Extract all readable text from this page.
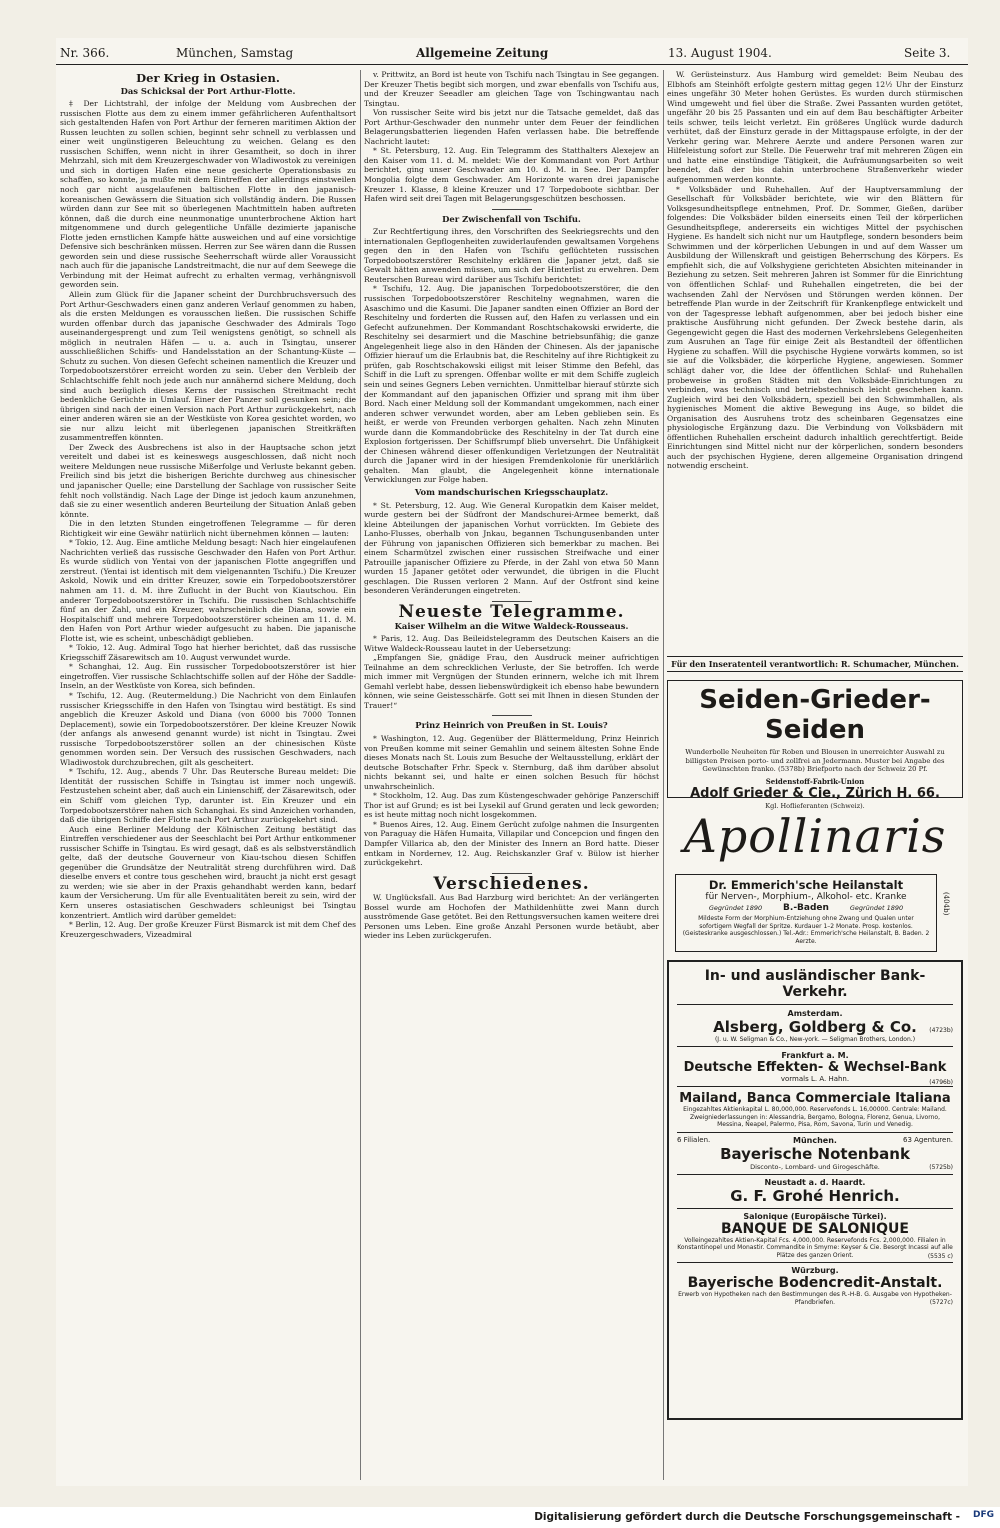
Nr. 366.	München, Samstag	Allgemeine Zeitung	13. August 1904.	Seite 3.
Der Krieg in Ostasien.
Das Schicksal der Port Arthur-Flotte.

‡ Der Lichtstrahl, der infolge der Meldung vom Ausbrechen der russischen Flotte aus dem zu einem immer gefährlicheren Aufenthaltsort sich gestaltenden Hafen von Port Arthur der ferneren maritimen Aktion der Russen leuchten zu sollen schien, beginnt sehr schnell zu verblassen und einer weit ungünstigeren Beleuchtung zu weichen. Gelang es den russischen Schiffen, wenn nicht in ihrer Gesamtheit, so doch in ihrer Mehrzahl, sich mit dem Kreuzergeschwader von Wladiwostok zu vereinigen und sich in dortigen Hafen eine neue gesicherte Operationsbasis zu schaffen, so konnte, ja mußte mit dem Eintreffen der allerdings einstweilen noch gar nicht ausgelaufenen baltischen Flotte in den japanisch-koreanischen Gewässern die Situation sich vollständig ändern. Die Russen würden dann zur See mit so überlegenen Machtmitteln haben auftreten können, daß die durch eine neunmonatige ununterbrochene Aktion hart mitgenommene und durch gelegentliche Unfälle dezimierte japanische Flotte jeden ernstlichen Kampfe hätte ausweichen und auf eine vorsichtige Defensive sich beschränken müssen. Herren zur See wären dann die Russen geworden sein und diese russische Seeherrschaft würde aller Voraussicht nach auch für die japanische Landstreitmacht, die nur auf dem Seewege die Verbindung mit der Heimat aufrecht zu erhalten vermag, verhängnisvoll geworden sein.

Allein zum Glück für die Japaner scheint der Durchbruchsversuch des Port Arthur-Geschwaders einen ganz anderen Verlauf genommen zu haben, als die ersten Meldungen es vorausschen ließen. Die russischen Schiffe wurden offenbar durch das japanische Geschwader des Admirals Togo auseinandergesprengt und zum Teil wenigstens genötigt, so schnell als möglich in neutralen Häfen — u. a. auch in Tsingtau, unserer ausschließlichen Schiffs- und Handelsstation an der Schantung-Küste — Schutz zu suchen. Von diesen Gefecht scheinen namentlich die Kreuzer und Torpedobootszerstörer erreicht worden zu sein. Ueber den Verbleib der Schlachtschiffe fehlt noch jede auch nur annähernd sichere Meldung, doch sind auch bezüglich dieses Kerns der russischen Streitmacht recht bedenkliche Gerüchte in Umlauf. Einer der Panzer soll gesunken sein; die übrigen sind nach der einen Version nach Port Arthur zurückgekehrt, nach einer anderen wären sie an der Westküste von Korea gesichtet worden, wo sie nur allzu leicht mit überlegenen japanischen Streitkräften zusammentreffen könnten.

Der Zweck des Ausbrechens ist also in der Hauptsache schon jetzt vereitelt und dabei ist es keineswegs ausgeschlossen, daß nicht noch weitere Meldungen neue russische Mißerfolge und Verluste bekannt geben. Freilich sind bis jetzt die bisherigen Berichte durchweg aus chinesischer und japanischer Quelle; eine Darstellung der Sachlage von russischer Seite fehlt noch vollständig. Nach Lage der Dinge ist jedoch kaum anzunehmen, daß sie zu einer wesentlich anderen Beurteilung der Situation Anlaß geben könnte.

Die in den letzten Stunden eingetroffenen Telegramme — für deren Richtigkeit wir eine Gewähr natürlich nicht übernehmen können — lauten:

* Tokio, 12. Aug. Eine amtliche Meldung besagt: Nach hier eingelaufenen Nachrichten verließ das russische Geschwader den Hafen von Port Arthur. Es wurde südlich von Yentai von der japanischen Flotte angegriffen und zerstreut. (Yentai ist identisch mit dem vielgenannten Tschifu.) Die Kreuzer Askold, Nowik und ein dritter Kreuzer, sowie ein Torpedobootszerstörer nahmen am 11. d. M. ihre Zuflucht in der Bucht von Kiautschou. Ein anderer Torpedobootszerstörer in Tschifu. Die russischen Schlachtschiffe fünf an der Zahl, und ein Kreuzer, wahrscheinlich die Diana, sowie ein Hospitalschiff und mehrere Torpedobootszerstörer scheinen am 11. d. M. den Hafen von Port Arthur wieder aufgesucht zu haben. Die japanische Flotte ist, wie es scheint, unbeschädigt geblieben.

* Tokio, 12. Aug. Admiral Togo hat hierher berichtet, daß das russische Kriegsschiff Zäsarewitsch am 10. August verwundet wurde.

* Schanghai, 12. Aug. Ein russischer Torpedobootszerstörer ist hier eingetroffen. Vier russische Schlachtschiffe sollen auf der Höhe der Saddle-Inseln, an der Westküste von Korea, sich befinden.

* Tschifu, 12. Aug. (Reutermeldung.) Die Nachricht von dem Einlaufen russischer Kriegsschiffe in den Hafen von Tsingtau wird bestätigt. Es sind angeblich die Kreuzer Askold und Diana (von 6000 bis 7000 Tonnen Deplacement), sowie ein Torpedobootszerstörer. Der kleine Kreuzer Nowik (der anfangs als anwesend genannt wurde) ist nicht in Tsingtau. Zwei russische Torpedobootszerstörer sollen an der chinesischen Küste genommen worden sein. Der Versuch des russischen Geschwaders, nach Wladiwostok durchzubrechen, gilt als gescheitert.

* Tschifu, 12. Aug., abends 7 Uhr. Das Reutersche Bureau meldet: Die Identität der russischen Schiffe in Tsingtau ist immer noch ungewiß. Festzustehen scheint aber, daß auch ein Linienschiff, der Zäsarewitsch, oder ein Schiff vom gleichen Typ, darunter ist. Ein Kreuzer und ein Torpedobootszerstörer nahen sich Schanghai. Es sind Anzeichen vorhanden, daß die übrigen Schiffe der Flotte nach Port Arthur zurückgekehrt sind.

Auch eine Berliner Meldung der Kölnischen Zeitung bestätigt das Eintreffen verschiedener aus der Seeschlacht bei Port Arthur entkommener russischer Schiffe in Tsingtau. Es wird gesagt, daß es als selbstverständlich gelte, daß der deutsche Gouverneur von Kiau-tschou diesen Schiffen gegenüber die Grundsätze der Neutralität streng durchführen wird. Daß dieselbe envers et contre tous geschehen wird, braucht ja nicht erst gesagt zu werden; wie sie aber in der Praxis gehandhabt werden kann, bedarf kaum der Versicherung. Um für alle Eventualitäten bereit zu sein, wird der Kern unseres ostasiatischen Geschwaders schleunigst bei Tsingtau konzentriert. Amtlich wird darüber gemeldet:

* Berlin, 12. Aug. Der große Kreuzer Fürst Bismarck ist mit dem Chef des Kreuzergeschwaders, Vizeadmiral

v. Prittwitz, an Bord ist heute von Tschifu nach Tsingtau in See gegangen. Der Kreuzer Thetis begibt sich morgen, und zwar ebenfalls von Tschifu aus, und der Kreuzer Seeadler am gleichen Tage von Tschingwantau nach Tsingtau.

Von russischer Seite wird bis jetzt nur die Tatsache gemeldet, daß das Port Arthur-Geschwader den nunmehr unter dem Feuer der feindlichen Belagerungsbatterien liegenden Hafen verlassen habe. Die betreffende Nachricht lautet:

* St. Petersburg, 12. Aug. Ein Telegramm des Statthalters Alexejew an den Kaiser vom 11. d. M. meldet: Wie der Kommandant von Port Arthur berichtet, ging unser Geschwader am 10. d. M. in See. Der Dampfer Mongolia folgte dem Geschwader. Am Horizonte waren drei japanische Kreuzer 1. Klasse, 8 kleine Kreuzer und 17 Torpedoboote sichtbar. Der Hafen wird seit drei Tagen mit Belagerungsgeschützen beschossen.

Der Zwischenfall von Tschifu.

Zur Rechtfertigung ihres, den Vorschriften des Seekriegsrechts und den internationalen Gepflogenheiten zuwiderlaufenden gewaltsamen Vorgehens gegen den in den Hafen von Tschifu geflüchteten russischen Torpedobootszerstörer Reschitelny erklären die Japaner jetzt, daß sie Gewalt hätten anwenden müssen, um sich der Hinterlist zu erwehren. Dem Reuterschen Bureau wird darüber aus Tschifu berichtet:

* Tschifu, 12. Aug. Die japanischen Torpedobootszerstörer, die den russischen Torpedobootszerstörer Reschitelny wegnahmen, waren die Asaschimo und die Kasumi. Die Japaner sandten einen Offizier an Bord der Reschitelny und forderten die Russen auf, den Hafen zu verlassen und ein Gefecht aufzunehmen. Der Kommandant Roschtschakowski erwiderte, die Reschitelny sei desarmiert und die Maschine betriebsunfähig; die ganze Angelegenheit liege also in den Händen der Chinesen. Als der japanische Offizier hierauf um die Erlaubnis bat, die Reschitelny auf ihre Richtigkeit zu prüfen, gab Roschtschakowski eiligst mit leiser Stimme den Befehl, das Schiff in die Luft zu sprengen. Offenbar wollte er mit dem Schiffe zugleich sein und seines Gegners Leben vernichten. Unmittelbar hierauf stürzte sich der Kommandant auf den japanischen Offizier und sprang mit ihm über Bord. Nach einer Meldung soll der Kommandant umgekommen, nach einer anderen schwer verwundet worden, aber am Leben geblieben sein. Es heißt, er werde von Freunden verborgen gehalten. Nach zehn Minuten wurde dann die Kommandobrücke des Reschitelny in der Tat durch eine Explosion fortgerissen. Der Schiffsrumpf blieb unversehrt. Die Unfähigkeit der Chinesen während dieser offenkundigen Verletzungen der Neutralität durch die Japaner wird in der hiesigen Fremdenkolonie für unerklärlich gehalten. Man glaubt, die Angelegenheit könne internationale Verwicklungen zur Folge haben.

Vom mandschurischen Kriegsschauplatz.

* St. Petersburg, 12. Aug. Wie General Kuropatkin dem Kaiser meldet, wurde gestern bei der Südfront der Mandschurei-Armee bemerkt, daß kleine Abteilungen der japanischen Vorhut vorrückten. Im Gebiete des Lanho-Flusses, oberhalb von Jnkau, begannen Tschungusenbanden unter der Führung von japanischen Offizieren sich bemerkbar zu machen. Bei einem Scharmützel zwischen einer russischen Streifwache und einer Patrouille japanischer Offiziere zu Pferde, in der Zahl von etwa 50 Mann wurden 15 Japaner getötet oder verwundet, die übrigen in die Flucht geschlagen. Die Russen verloren 2 Mann. Auf der Ostfront sind keine besonderen Veränderungen eingetreten.

Neueste Telegramme.
Kaiser Wilhelm an die Witwe Waldeck-Rousseaus.

* Paris, 12. Aug. Das Beileidstelegramm des Deutschen Kaisers an die Witwe Waldeck-Rousseau lautet in der Uebersetzung:

„Empfangen Sie, gnädige Frau, den Ausdruck meiner aufrichtigen Teilnahme an dem schrecklichen Verluste, der Sie betroffen. Ich werde mich immer mit Vergnügen der Stunden erinnern, welche ich mit Ihrem Gemahl verlebt habe, dessen liebenswürdigkeit ich ebenso habe bewundern können, wie seine Geistesschärfe. Gott sei mit Ihnen in diesen Stunden der Trauer!“

Prinz Heinrich von Preußen in St. Louis?

* Washington, 12. Aug. Gegenüber der Blättermeldung, Prinz Heinrich von Preußen komme mit seiner Gemahlin und seinem ältesten Sohne Ende dieses Monats nach St. Louis zum Besuche der Weltausstellung, erklärt der deutsche Botschafter Frhr. Speck v. Sternburg, daß ihm darüber absolut nichts bekannt sei, und halte er einen solchen Besuch für höchst unwahrscheinlich.

* Stockholm, 12. Aug. Das zum Küstengeschwader gehörige Panzerschiff Thor ist auf Grund; es ist bei Lysekil auf Grund geraten und leck geworden; es ist heute mittag noch nicht losgekommen.

* Buenos Aires, 12. Aug. Einem Gerücht zufolge nahmen die Insurgenten von Paraguay die Häfen Humaita, Villapilar und Concepcion und fingen den Dampfer Villarica ab, den der Minister des Innern an Bord hatte. Dieser entkam in Nordernev, 12. Aug. Reichskanzler Graf v. Bülow ist hierher zurückgekehrt.

Verschiedenes.

W. Unglücksfall. Aus Bad Harzburg wird berichtet: An der verlängerten Bossel wurde am Hochofen der Mathildenhütte zwei Mann durch ausströmende Gase getötet. Bei den Rettungsversuchen kamen weitere drei Personen ums Leben. Eine große Anzahl Personen wurde betäubt, aber wieder ins Leben zurückgerufen.

W. Gerüsteinsturz. Aus Hamburg wird gemeldet: Beim Neubau des Elbhofs am Steinhöft erfolgte gestern mittag gegen 12½ Uhr der Einsturz eines ungefähr 30 Meter hohen Gerüstes. Es wurden durch stürmischen Wind umgeweht und fiel über die Straße. Zwei Passanten wurden getötet, ungefähr 20 bis 25 Passanten und ein auf dem Bau beschäftigter Arbeiter teils schwer, teils leicht verletzt. Ein größeres Unglück wurde dadurch verhütet, daß der Einsturz gerade in der Mittagspause erfolgte, in der der Verkehr gering war. Mehrere Aerzte und andere Personen waren zur Hilfeleistung sofort zur Stelle. Die Feuerwehr traf mit mehreren Zügen ein und hatte eine einstündige Tätigkeit, die Aufräumungsarbeiten so weit beendet, daß der bis dahin unterbrochene Straßenverkehr wieder aufgenommen werden konnte.

* Volksbäder und Ruhehallen. Auf der Hauptversammlung der Gesellschaft für Volksbäder berichtete, wie wir den Blättern für Volksgesundheitspflege entnehmen, Prof. Dr. Sommer, Gießen, darüber folgendes: Die Volksbäder bilden einerseits einen Teil der körperlichen Gesundheitspflege, andererseits ein wichtiges Mittel der psychischen Hygiene. Es handelt sich nicht nur um Hautpflege, sondern besonders beim Schwimmen und der körperlichen Uebungen in und auf dem Wasser um Ausbildung der Willenskraft und geistigen Beherrschung des Körpers. Es empfiehlt sich, die auf Volkshygiene gerichteten Absichten miteinander in Beziehung zu setzen. Seit mehreren Jahren ist Sommer für die Einrichtung von öffentlichen Schlaf- und Ruhehallen eingetreten, die bei der wachsenden Zahl der Nervösen und Störungen werden können. Der betreffende Plan wurde in der Zeitschrift für Krankenpflege entwickelt und von der Tagespresse lebhaft aufgenommen, aber bei jedoch bisher eine praktische Ausführung nicht gefunden. Der Zweck bestehe darin, als Gegengewicht gegen die Hast des modernen Verkehrslebens Gelegenheiten zum Ausruhen an Tage für einige Zeit als Bestandteil der öffentlichen Hygiene zu schaffen. Will die psychische Hygiene vorwärts kommen, so ist sie auf die Volksbäder, die körperliche Hygiene, angewiesen. Sommer schlägt daher vor, die Idee der öffentlichen Schlaf- und Ruhehallen probeweise in großen Städten mit den Volksbäde-Einrichtungen zu verbinden, was technisch und betriebstechnisch leicht geschehen kann. Zugleich wird bei den Volksbädern, speziell bei den Schwimmhallen, als hygienisches Moment die aktive Bewegung ins Auge, so bildet die Organisation des Ausruhens trotz des scheinbaren Gegensatzes eine physiologische Ergänzung dazu. Die Verbindung von Volksbädern mit öffentlichen Ruhehallen erscheint dadurch inhaltlich gerechtfertigt. Beide Einrichtungen sind Mittel nicht nur der körperlichen, sondern besonders auch der psychischen Hygiene, deren allgemeine Organisation dringend notwendig erscheint.

Für den Inseratenteil verantwortlich: R. Schumacher, München.
Seiden-Grieder-Seiden
Wunderbolle Neuheiten für Roben und Blousen in unerreichter Auswahl zu billigsten Preisen porto- und zollfrei an Jedermann. Muster bei Angabe des Gewünschten franko. (5378b) Briefporto nach der Schweiz 20 Pf.
Seidenstoff-Fabrik-Union
Adolf Grieder & Cie., Zürich H. 66.
Kgl. Hoflieferanten (Schweiz).
Apollinaris
Dr. Emmerich'sche Heilanstalt
für Nerven-, Morphium-, Alkohol- etc. Kranke
Gegründet 1890 B.-Baden	Gegründet 1890
Mildeste Form der Morphium-Entziehung ohne Zwang und Qualen unter sofortigem Wegfall der Spritze. Kurdauer 1–2 Monate. Prosp. kostenlos. (Geisteskranke ausgeschlossen.) Tel.-Adr.: Emmerich'sche Heilanstalt, B. Baden. 2 Aerzte.
(404b)
In- und ausländischer Bank-Verkehr.
Amsterdam.
Alsberg, Goldberg & Co.	(4723b)
(J. u. W. Seligman & Co., New-york. — Seligman Brothers, London.)
Frankfurt a. M.
Deutsche Effekten- & Wechsel-Bank
(4796b)
vormals L. A. Hahn.
Mailand, Banca Commerciale Italiana
Eingezahltes Aktienkapital L. 80,000,000. Reservefonds L. 16,00000. Centrale: Mailand. Zweigniederlassungen in: Alessandria, Bergamo, Bologna, Florenz, Genua, Livorno, Messina, Neapel, Palermo, Pisa, Rom, Savona, Turin und Venedig.
6 Filialen.	63 Agenturen.
München.
Bayerische Notenbank
(5725b)
Disconto-, Lombard- und Girogeschäfte.
Neustadt a. d. Haardt.
G. F. Grohé Henrich.
Salonique (Europäische Türkei).
BANQUE DE SALONIQUE
Volleingezahltes Aktien-Kapital Fcs. 4,000,000. Reservefonds Fcs. 2,000,000. Filialen in Konstantinopel und Monastir. Commandite in Smyrne: Keyser & Cie. Besorgt Incassi auf alle Plätze des ganzen Orient.	(5535 c)
Würzburg.
Bayerische Bodencredit-Anstalt.
Erwerb von Hypotheken nach den Bestimmungen des R.-H-B. G. Ausgabe von Hypotheken-Pfandbriefen.	(5727c)
Digitalisierung gefördert durch die Deutsche Forschungsgemeinschaft - DFG
